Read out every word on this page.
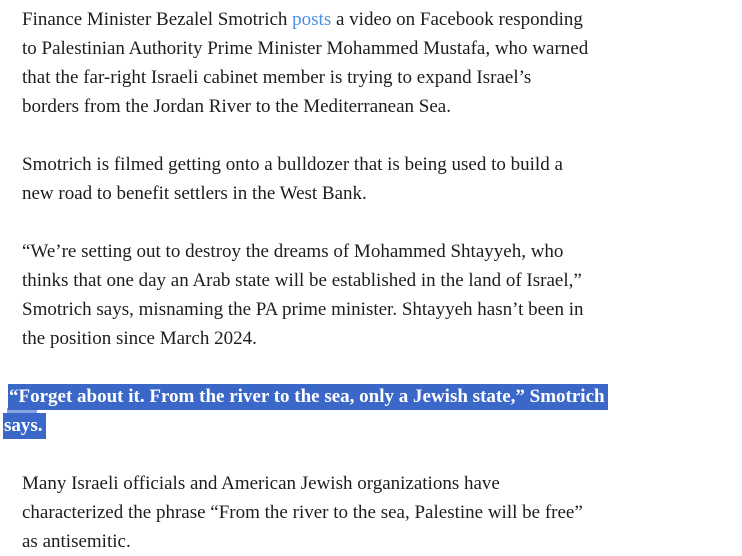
Finance Minister Bezalel Smotrich posts a video on Facebook responding
to Palestinian Authority Prime Minister Mohammed Mustafa, who warned
that the far-right Israeli cabinet member is trying to expand Israel’s
borders from the Jordan River to the Mediterranean Sea.

Smotrich is filmed getting onto a bulldozer that is being used to build a
new road to benefit settlers in the West Bank.

“We’re setting out to destroy the dreams of Mohammed Shtayyeh, who
thinks that one day an Arab state will be established in the land of Israel,”
Smotrich says, misnaming the PA prime minister. Shtayyeh hasn’t been in
the position since March 2024.

“Forget about it. From the river to the sea, only a Jewish state,” Smotrich
says.

Many Israeli officials and American Jewish organizations have
characterized the phrase “From the river to the sea, Palestine will be free”
as antisemitic.
